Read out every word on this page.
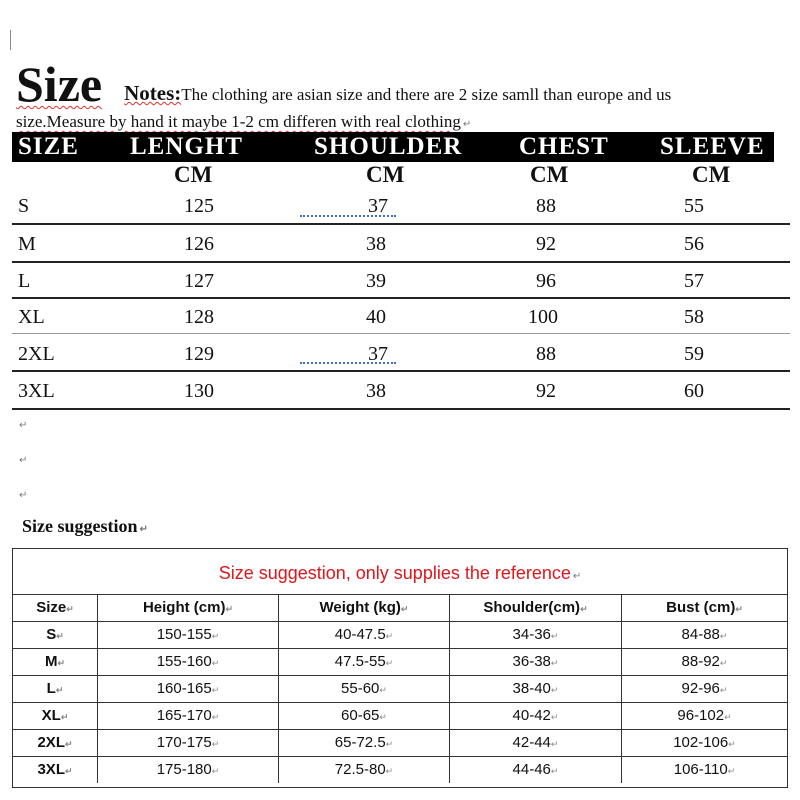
Size Notes:The clothing are asian size and there are 2 size samll than europe and us
size.Measure by hand it maybe 1-2 cm differen with real clothing ↵
SIZE LENGHT	SHOULDER CHEST SLEEVE
CM	CM	CM	CM
S	125	37	88	55
M	126	38	92	56
L	127	39	96	57
XL	128	40	100	58
2XL	129	37	88	59
3XL	130	38	92	60
↵
↵
↵
Size suggestion ↵
Size suggestion, only supplies the reference ↵
Size↵	Height (cm)↵	Weight (kg)↵	Shoulder(cm)↵	Bust (cm)↵
S↵	150-155↵	40-47.5↵	34-36↵	84-88↵
M↵	155-160↵	47.5-55↵	36-38↵	88-92↵
L↵	160-165↵	55-60↵	38-40↵	92-96↵
XL↵	165-170↵	60-65↵	40-42↵	96-102↵
2XL↵	170-175↵	65-72.5↵	42-44↵	102-106↵
3XL↵	175-180↵	72.5-80↵	44-46↵	106-110↵
